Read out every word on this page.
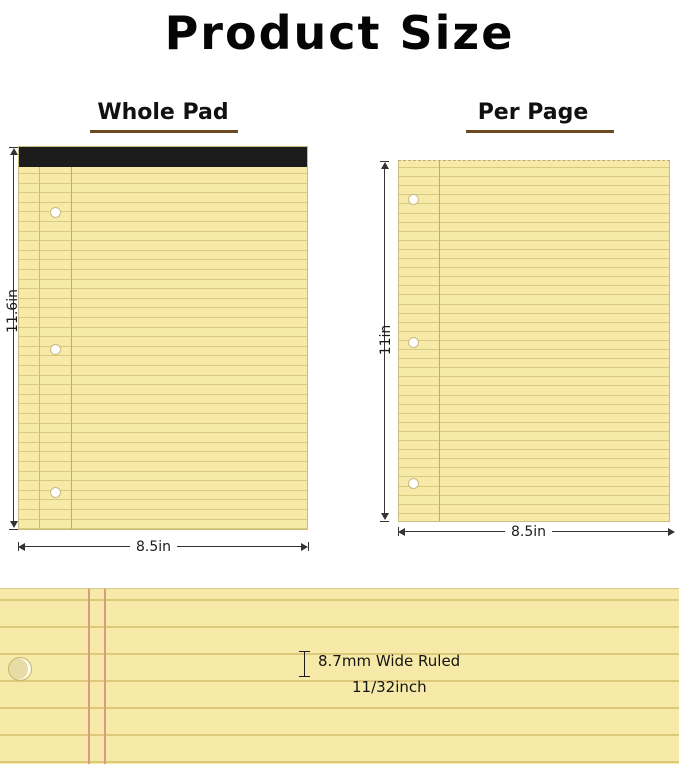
Product Size
Whole Pad	Per Page
11.6in
8.5in
11in
8.5in
8.7mm Wide Ruled
11/32inch
